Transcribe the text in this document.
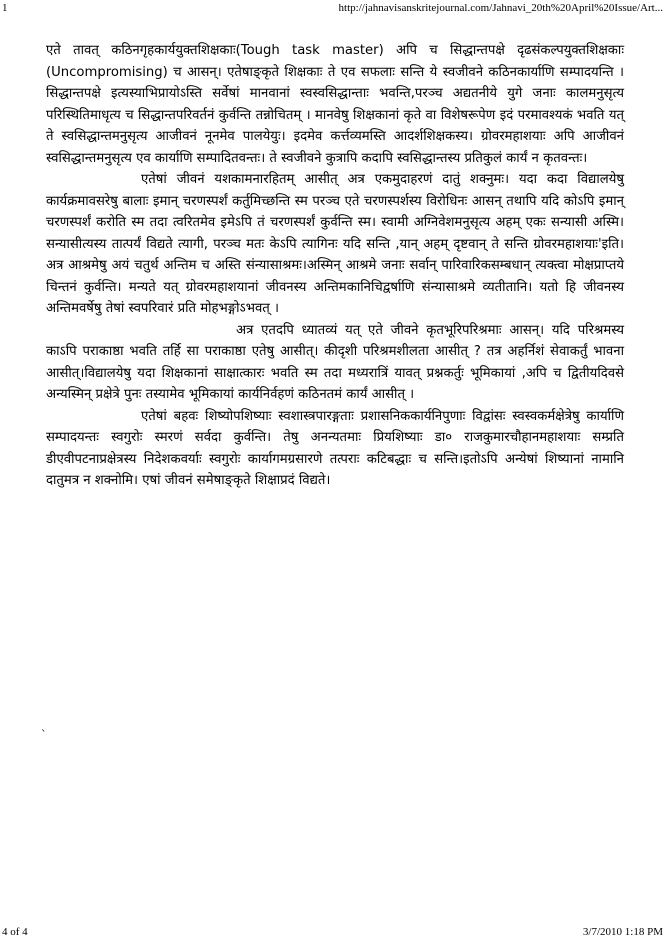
1	http://jahnavisanskritejournal.com/Jahnavi_20th%20April%20Issue/Art...

एते तावत् कठिनगृहकार्ययुक्तशिक्षकाः(Tough task master) अपि च सिद्धान्तपक्षे दृढसंकल्पयुक्तशिक्षकाः (Uncompromising) च आसन्। एतेषाङ्कृते शिक्षकाः ते एव सफलाः सन्ति ये स्वजीवने कठिनकार्याणि सम्पादयन्ति । सिद्धान्तपक्षे इत्यस्याभिप्रायोऽस्ति सर्वेषां मानवानां स्वस्वसिद्धान्ताः भवन्ति,परञ्च अद्यतनीये युगे जनाः कालमनुसृत्य परिस्थितिमाधृत्य च सिद्धान्तपरिवर्तनं कुर्वन्ति तन्नोचितम् । मानवेषु शिक्षकानां कृते वा विशेषरूपेण इदं परमावश्यकं भवति यत् ते स्वसिद्धान्तमनुसृत्य आजीवनं नूनमेव पालयेयुः। इदमेव कर्त्तव्यमस्ति आदर्शशिक्षकस्य। ग्रोवरमहाशयाः अपि आजीवनं स्वसिद्धान्तमनुसृत्य एव कार्याणि सम्पादितवन्तः। ते स्वजीवने कुत्रापि कदापि स्वसिद्धान्तस्य प्रतिकुलं कार्यं न कृतवन्तः।

एतेषां जीवनं यशकामनारहितम् आसीत् अत्र एकमुदाहरणं दातुं शक्नुमः। यदा कदा विद्यालयेषु कार्यक्रमावसरेषु बालाः इमान् चरणस्पर्शं कर्तुमिच्छन्ति स्म परञ्च एते चरणस्पर्शस्य विरोधिनः आसन् तथापि यदि कोऽपि इमान् चरणस्पर्शं करोति स्म तदा त्वरितमेव इमेऽपि तं चरणस्पर्शं कुर्वन्ति स्म। स्वामी अग्निवेशमनुसृत्य अहम् एकः सन्यासी अस्मि। सन्यासीत्यस्य तात्पर्यं विद्यते त्यागी, परञ्च मतः केऽपि त्यागिनः यदि सन्ति ,यान् अहम् दृष्टवान् ते सन्ति ग्रोवरमहाशयाः'इति।अत्र आश्रमेषु अयं चतुर्थ अन्तिम च अस्ति संन्यासाश्रमः।अस्मिन् आश्रमे जनाः सर्वान् पारिवारिकसम्बधान् त्यक्त्वा मोक्षप्राप्तये चिन्तनं कुर्वन्ति। मन्यते यत् ग्रोवरमहाशयानां जीवनस्य अन्तिमकानिचिद्वर्षाणि संन्यासाश्रमे व्यतीतानि। यतो हि जीवनस्य अन्तिमवर्षेषु तेषां स्वपरिवारं प्रति मोहभङ्गोऽभवत् ।

अत्र एतदपि ध्यातव्यं यत् एते जीवने कृतभूरिपरिश्रमाः आसन्। यदि परिश्रमस्य काऽपि पराकाष्ठा भवति तर्हि सा पराकाष्ठा एतेषु आसीत्। कीदृशी परिश्रमशीलता आसीत् ? तत्र अहर्निशं सेवाकर्तुं भावना आसीत्।विद्यालयेषु यदा शिक्षकानां साक्षात्कारः भवति स्म तदा मध्यरात्रिं यावत् प्रश्नकर्तुः भूमिकायां ,अपि च द्वितीयदिवसे अन्यस्मिन् प्रक्षेत्रे पुनः तस्यामेव भूमिकायां कार्यनिर्वहणं कठिनतमं कार्यं आसीत् ।

एतेषां बहवः शिष्योपशिष्याः स्वशास्त्रपारङ्गताः प्रशासनिककार्यनिपुणाः विद्वांसः स्वस्वकर्मक्षेत्रेषु कार्याणि सम्पादयन्तः स्वगुरोः स्मरणं सर्वदा कुर्वन्ति। तेषु अनन्यतमाः प्रियशिष्याः डा० राजकुमारचौहानमहाशयाः सम्प्रति डीएवीपटनाप्रक्षेत्रस्य निदेशकवर्याः स्वगुरोः कार्यागमग्रसारणे तत्पराः कटिबद्धाः च सन्ति।इतोऽपि अन्येषां शिष्यानां नामानि दातुमत्र न शक्नोमि। एषां जीवनं समेषाङ्कृते शिक्षाप्रदं विद्यते।

`
4 of 4	3/7/2010 1:18 PM
